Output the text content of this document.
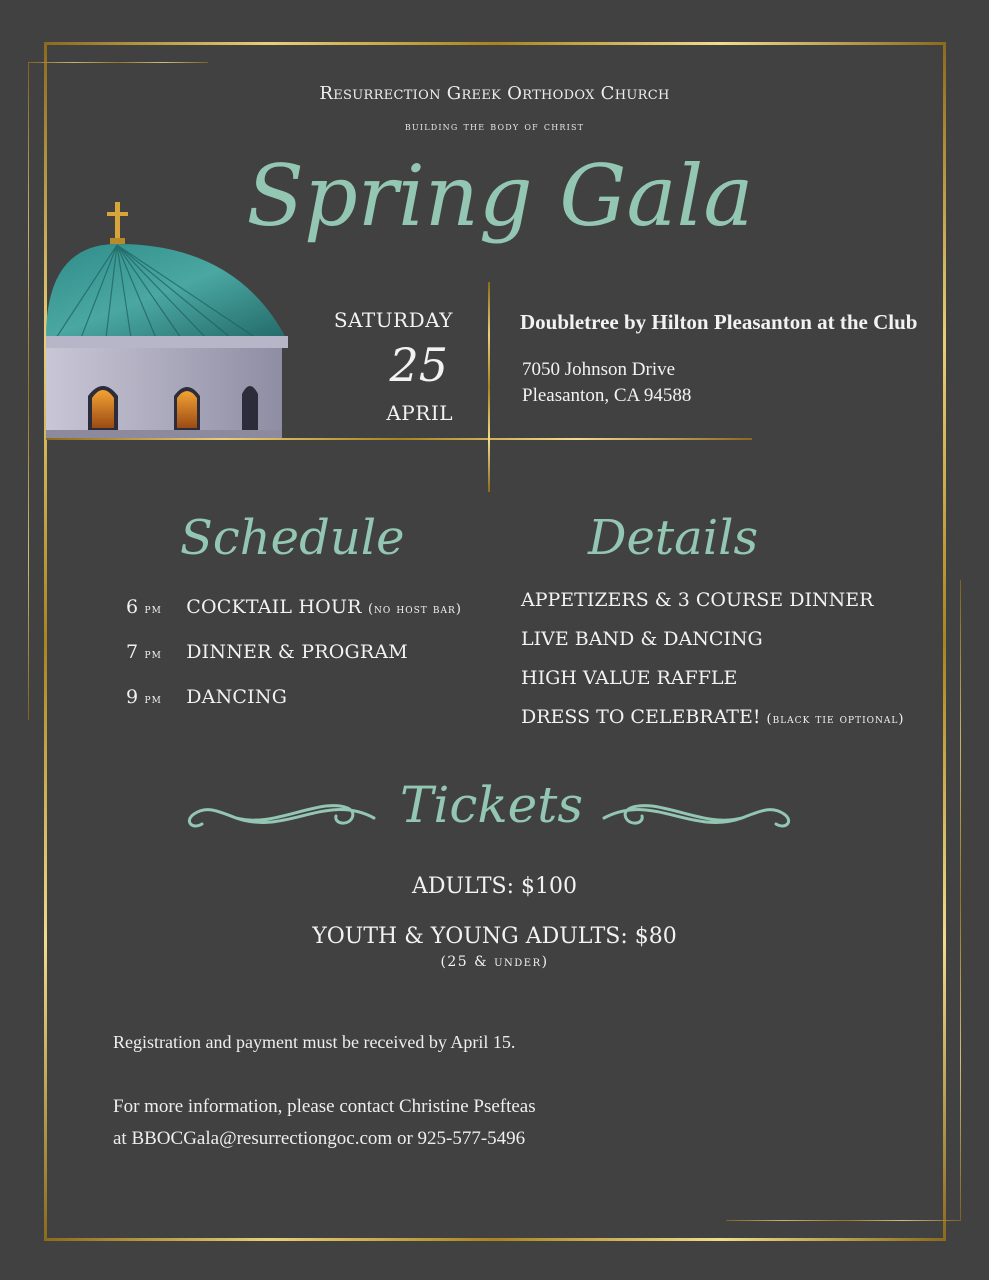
Resurrection Greek Orthodox Church
building the body of christ
Spring Gala
SATURDAY
25
APRIL
Doubletree by Hilton Pleasanton at the Club
7050 Johnson Drive
Pleasanton, CA 94588
Schedule
6 pm COCKTAIL HOUR (no host bar)
7 pm DINNER & PROGRAM
9 pm DANCING
Details
APPETIZERS & 3 COURSE DINNER
LIVE BAND & DANCING
HIGH VALUE RAFFLE
DRESS TO CELEBRATE! (black tie optional)
Tickets
ADULTS: $100
YOUTH & YOUNG ADULTS: $80
(25 & under)
Registration and payment must be received by April 15.
For more information, please contact Christine Psefteas
at BBOCGala@resurrectiongoc.com or 925-577-5496
